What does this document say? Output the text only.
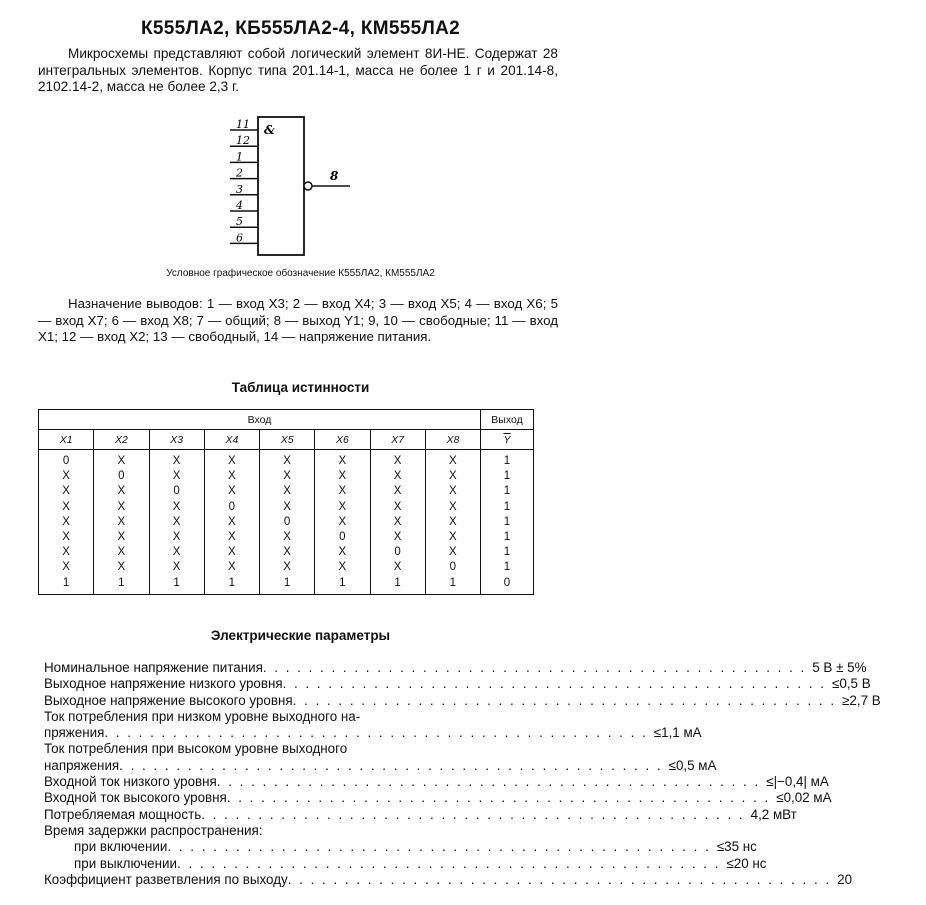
К555ЛА2, КБ555ЛА2-4, КМ555ЛА2
Микросхемы представляют собой логический элемент 8И-НЕ. Содержат 28 интегральных элементов. Корпус типа 201.14-1, масса не более 1 г и 201.14-8, 2102.14-2, масса не более 2,3 г.
&
11
12
1
2
3
4
5
6
8
Условное графическое обозначение К555ЛА2, КМ555ЛА2
Назначение выводов: 1 — вход X3; 2 — вход X4; 3 — вход X5; 4 — вход X6; 5 — вход X7; 6 — вход X8; 7 — общий; 8 — выход Y1; 9, 10 — свободные; 11 — вход X1; 12 — вход X2; 13 — свободный, 14 — напряжение питания.
Таблица истинности
Вход								Выход
X1	X2	X3	X4	X5	X6	X7	X8	$\overline{Y}$
0	X	X	X	X	X	X	X	1
X	0	X	X	X	X	X	X	1
X	X	0	X	X	X	X	X	1
X	X	X	0	X	X	X	X	1
X	X	X	X	0	X	X	X	1
X	X	X	X	X	0	X	X	1
X	X	X	X	X	X	0	X	1
X	X	X	X	X	X	X	0	1
1	1	1	1	1	1	1	1	0
Электрические параметры
Номинальное напряжение питания . . . . . . . . . . . . . . . . . . . . . . . . . . . . . . . . . . . . . . . . . . . . . . . . 5 В ± 5%
Выходное напряжение низкого уровня . . . . . . . . . . . . . . . . . . . . . . . . . . . . . . . . . . . . . . . . . . . . . . . . ≤0,5 В
Выходное напряжение высокого уровня . . . . . . . . . . . . . . . . . . . . . . . . . . . . . . . . . . . . . . . . . . . . . . . . ≥2,7 В
Ток потребления при низком уровне выходного на-
пряжения . . . . . . . . . . . . . . . . . . . . . . . . . . . . . . . . . . . . . . . . . . . . . . . . ≤1,1 мА
Ток потребления при высоком уровне выходного
напряжения . . . . . . . . . . . . . . . . . . . . . . . . . . . . . . . . . . . . . . . . . . . . . . . . ≤0,5 мА
Входной ток низкого уровня . . . . . . . . . . . . . . . . . . . . . . . . . . . . . . . . . . . . . . . . . . . . . . . . ≤|−0,4| мА
Входной ток высокого уровня . . . . . . . . . . . . . . . . . . . . . . . . . . . . . . . . . . . . . . . . . . . . . . . . ≤0,02 мА
Потребляемая мощность . . . . . . . . . . . . . . . . . . . . . . . . . . . . . . . . . . . . . . . . . . . . . . . . 4,2 мВт
Время задержки распространения:
при включении . . . . . . . . . . . . . . . . . . . . . . . . . . . . . . . . . . . . . . . . . . . . . . . . ≤35 нс
при выключении . . . . . . . . . . . . . . . . . . . . . . . . . . . . . . . . . . . . . . . . . . . . . . . . ≤20 нс
Коэффициент разветвления по выходу . . . . . . . . . . . . . . . . . . . . . . . . . . . . . . . . . . . . . . . . . . . . . . . . 20
